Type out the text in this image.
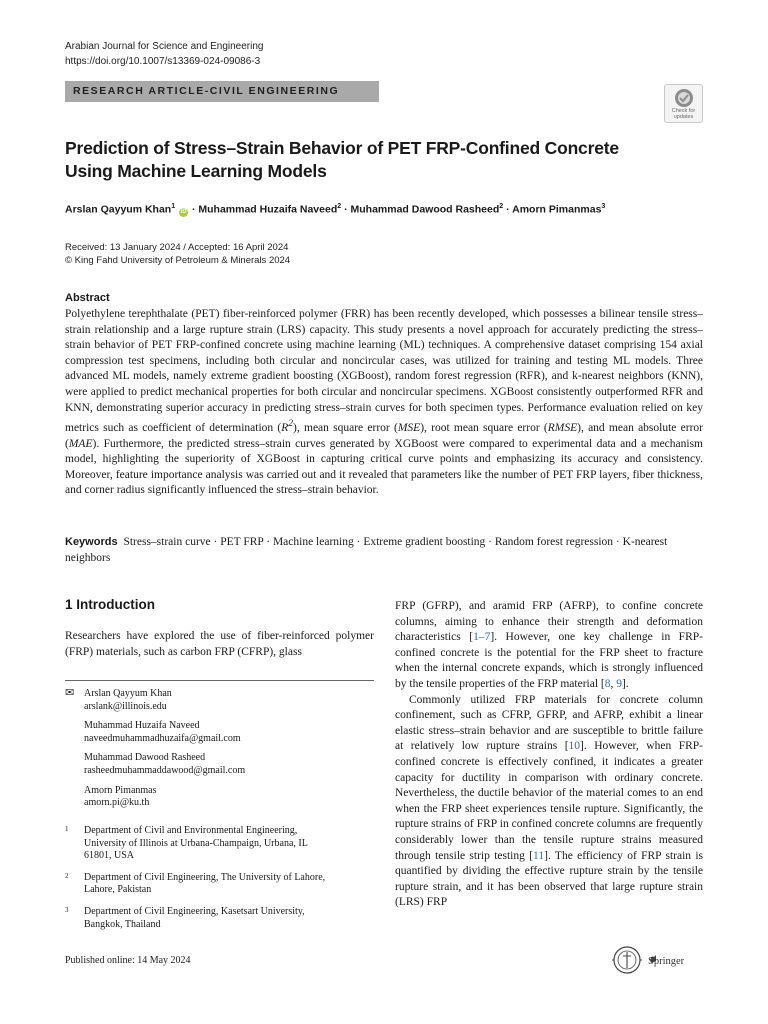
Arabian Journal for Science and Engineering
https://doi.org/10.1007/s13369-024-09086-3
RESEARCH ARTICLE-CIVIL ENGINEERING
Check for
updates
Prediction of Stress–Strain Behavior of PET FRP-Confined Concrete
Using Machine Learning Models
Arslan Qayyum Khan$^1$ iD · Muhammad Huzaifa Naveed$^2$ · Muhammad Dawood Rasheed$^2$ · Amorn Pimanmas$^3$
Received: 13 January 2024 / Accepted: 16 April 2024
© King Fahd University of Petroleum & Minerals 2024
Abstract
Polyethylene terephthalate (PET) fiber-reinforced polymer (FRR) has been recently developed, which possesses a bilinear tensile stress–strain relationship and a large rupture strain (LRS) capacity. This study presents a novel approach for accurately predicting the stress–strain behavior of PET FRP-confined concrete using machine learning (ML) techniques. A comprehensive dataset comprising 154 axial compression test specimens, including both circular and noncircular cases, was utilized for training and testing ML models. Three advanced ML models, namely extreme gradient boosting (XGBoost), random forest regression (RFR), and k-nearest neighbors (KNN), were applied to predict mechanical properties for both circular and noncircular specimens. XGBoost consistently outperformed RFR and KNN, demonstrating superior accuracy in predicting stress–strain curves for both specimen types. Performance evaluation relied on key metrics such as coefficient of determination $(R^2)$, mean square error (MSE), root mean square error (RMSE), and mean absolute error (MAE). Furthermore, the predicted stress–strain curves generated by XGBoost were compared to experimental data and a mechanism model, highlighting the superiority of XGBoost in capturing critical curve points and emphasizing its accuracy and consistency. Moreover, feature importance analysis was carried out and it revealed that parameters like the number of PET FRP layers, fiber thickness, and corner radius significantly influenced the stress–strain behavior.
Keywords Stress–strain curve · PET FRP · Machine learning · Extreme gradient boosting · Random forest regression · K-nearest neighbors
1 Introduction
Researchers have explored the use of fiber-reinforced polymer (FRP) materials, such as carbon FRP (CFRP), glass
✉ Arslan Qayyum Khan
arslank@illinois.edu
Muhammad Huzaifa Naveed
naveedmuhammadhuzaifa@gmail.com
Muhammad Dawood Rasheed
rasheedmuhammaddawood@gmail.com
Amorn Pimanmas
amorn.pi@ku.th
1 Department of Civil and Environmental Engineering,
University of Illinois at Urbana-Champaign, Urbana, IL
61801, USA
2 Department of Civil Engineering, The University of Lahore,
Lahore, Pakistan
3 Department of Civil Engineering, Kasetsart University,
Bangkok, Thailand

FRP (GFRP), and aramid FRP (AFRP), to confine concrete columns, aiming to enhance their strength and deformation characteristics [1–7]. However, one key challenge in FRP-confined concrete is the potential for the FRP sheet to fracture when the internal concrete expands, which is strongly influenced by the tensile properties of the FRP material [8, 9].

Commonly utilized FRP materials for concrete column confinement, such as CFRP, GFRP, and AFRP, exhibit a linear elastic stress–strain behavior and are susceptible to brittle failure at relatively low rupture strains [10]. However, when FRP-confined concrete is effectively confined, it indicates a greater capacity for ductility in comparison with ordinary concrete. Nevertheless, the ductile behavior of the material comes to an end when the FRP sheet experiences tensile rupture. Significantly, the rupture strains of FRP in confined concrete columns are frequently considerably lower than the tensile rupture strains measured through tensile strip testing [11]. The efficiency of FRP strain is quantified by dividing the effective rupture strain by the tensile rupture strain, and it has been observed that large rupture strain (LRS) FRP

Published online: 14 May 2024	Springer
